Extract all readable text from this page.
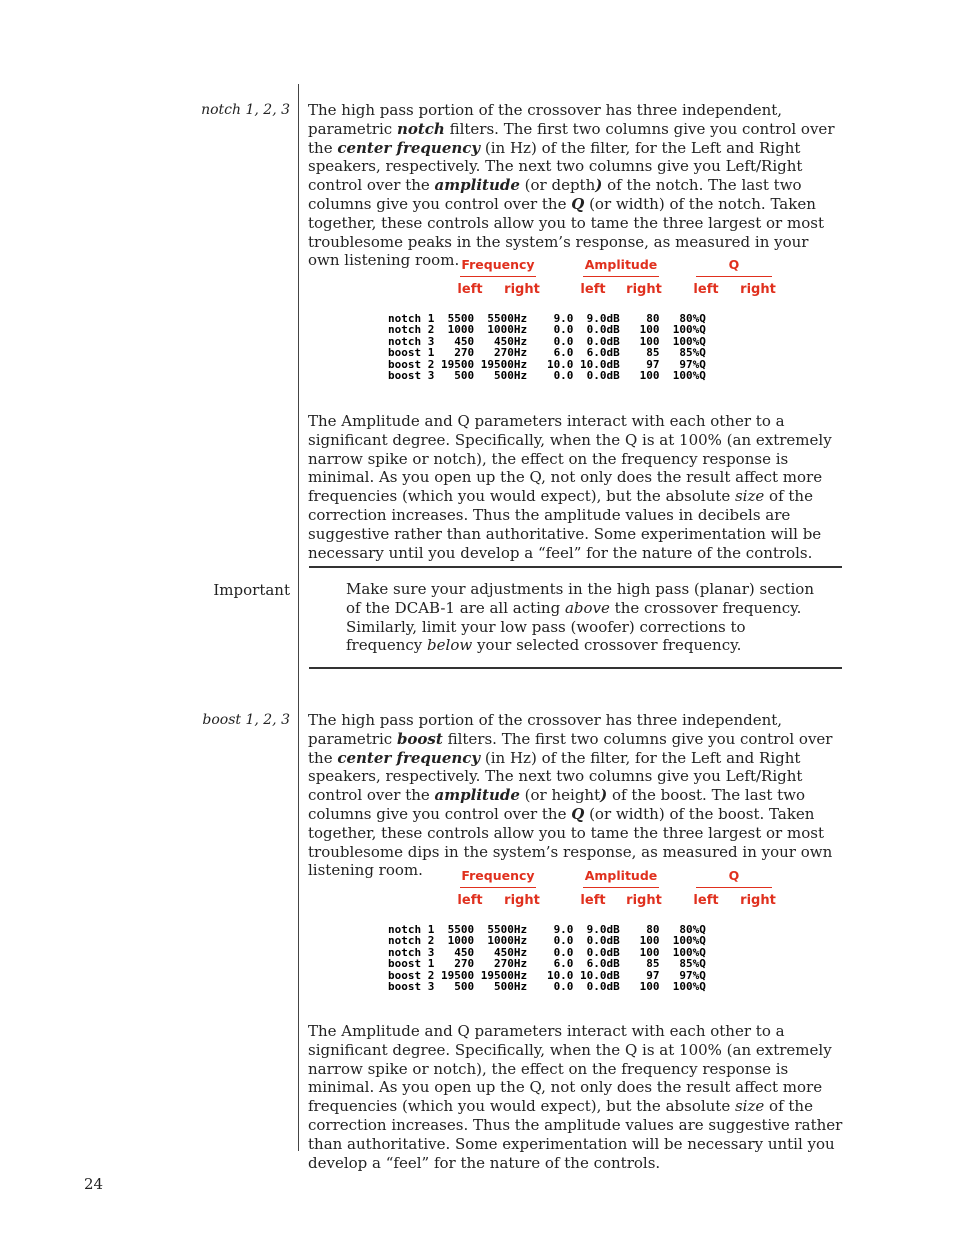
notch 1, 2, 3 The high pass portion of the crossover has three independent, parametric notch filters. The first two columns give you control over the center frequency (in Hz) of the filter, for the Left and Right speakers, respectively. The next two columns give you Left/Right control over the amplitude (or depth) of the notch. The last two columns give you control over the Q (or width) of the notch. Taken together, these controls allow you to tame the three largest or most troublesome peaks in the system’s response, as measured in your own listening room. Frequency	Amplitude	Q
left	right	left	right	left	right
notch 1  5500  5500Hz    9.0  9.0dB    80   80%Q
notch 2  1000  1000Hz    0.0  0.0dB   100  100%Q
notch 3   450   450Hz    0.0  0.0dB   100  100%Q
boost 1   270   270Hz    6.0  6.0dB    85   85%Q
boost 2 19500 19500Hz   10.0 10.0dB    97   97%Q
boost 3   500   500Hz    0.0  0.0dB   100  100%Q

The Amplitude and Q parameters interact with each other to a significant degree. Specifically, when the Q is at 100% (an extremely narrow spike or notch), the effect on the frequency response is minimal. As you open up the Q, not only does the result affect more frequencies (which you would expect), but the absolute size of the correction increases. Thus the amplitude values in decibels are suggestive rather than authoritative. Some experimentation will be necessary until you develop a “feel” for the nature of the controls.

Important	Make sure your adjustments in the high pass (planar) section of the DCAB-1 are all acting above the crossover frequency. Similarly, limit your low pass (woofer) corrections to frequency below your selected crossover frequency.

boost 1, 2, 3 The high pass portion of the crossover has three independent, parametric boost filters. The first two columns give you control over the center frequency (in Hz) of the filter, for the Left and Right speakers, respectively. The next two columns give you Left/Right control over the amplitude (or height) of the boost. The last two columns give you control over the Q (or width) of the boost. Taken together, these controls allow you to tame the three largest or most troublesome dips in the system’s response, as measured in your own listening room.	Frequency	Amplitude	Q
left	right	left	right	left	right
notch 1  5500  5500Hz    9.0  9.0dB    80   80%Q
notch 2  1000  1000Hz    0.0  0.0dB   100  100%Q
notch 3   450   450Hz    0.0  0.0dB   100  100%Q
boost 1   270   270Hz    6.0  6.0dB    85   85%Q
boost 2 19500 19500Hz   10.0 10.0dB    97   97%Q
boost 3   500   500Hz    0.0  0.0dB   100  100%Q

The Amplitude and Q parameters interact with each other to a significant degree. Specifically, when the Q is at 100% (an extremely narrow spike or notch), the effect on the frequency response is minimal. As you open up the Q, not only does the result affect more frequencies (which you would expect), but the absolute size of the correction increases. Thus the amplitude values are suggestive rather than authoritative. Some experimentation will be necessary until you develop a “feel” for the nature of the controls.

24
